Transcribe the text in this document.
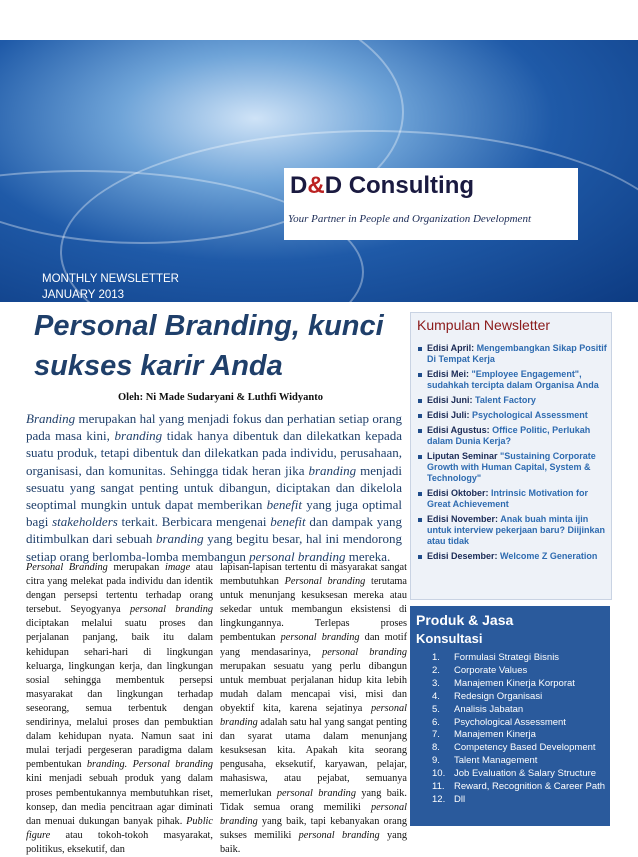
D&D Consulting
Your Partner in People and Organization Development
MONTHLY NEWSLETTER
JANUARY 2013
Personal Branding, kunci
sukses karir Anda
Oleh: Ni Made Sudaryani & Luthfi Widyanto
Branding merupakan hal yang menjadi fokus dan perhatian setiap orang pada masa kini, branding tidak hanya dibentuk dan dilekatkan kepada suatu produk, tetapi dibentuk dan dilekatkan pada individu, perusahaan, organisasi, dan komunitas. Sehingga tidak heran jika branding menjadi sesuatu yang sangat penting untuk dibangun, diciptakan dan dikelola seoptimal mungkin untuk dapat memberikan benefit yang juga optimal bagi stakeholders terkait. Berbicara mengenai benefit dan dampak yang ditimbulkan dari sebuah branding yang begitu besar, hal ini mendorong setiap orang berlomba-lomba membangun personal branding mereka.
Personal Branding merupakan image atau citra yang melekat pada individu dan identik dengan persepsi tertentu terhadap orang tersebut. Seyogyanya personal branding diciptakan melalui suatu proses dan perjalanan panjang, baik itu dalam kehidupan sehari-hari di lingkungan keluarga, lingkungan kerja, dan lingkungan sosial sehingga membentuk persepsi masyarakat dan lingkungan terhadap seseorang, semua terbentuk dengan sendirinya, melalui proses dan pembuktian dalam kehidupan nyata. Namun saat ini mulai terjadi pergeseran paradigma dalam pembentukan branding. Personal branding kini menjadi sebuah produk yang dalam proses pembentukannya membutuhkan riset, konsep, dan media pencitraan agar diminati dan menuai dukungan banyak pihak. Public figure atau tokoh-tokoh masyarakat, politikus, eksekutif, dan
lapisan-lapisan tertentu di masyarakat sangat membutuhkan Personal branding terutama untuk menunjang kesuksesan mereka atau sekedar untuk membangun eksistensi di lingkungannya. Terlepas proses pembentukan personal branding dan motif yang mendasarinya, personal branding merupakan sesuatu yang perlu dibangun untuk membuat perjalanan hidup kita lebih mudah dalam mencapai visi, misi dan obyektif kita, karena sejatinya personal branding adalah satu hal yang sangat penting dan syarat utama dalam menunjang kesuksesan kita. Apakah kita seorang pengusaha, eksekutif, karyawan, pelajar, mahasiswa, atau pejabat, semuanya memerlukan personal branding yang baik. Tidak semua orang memiliki personal branding yang baik, tapi kebanyakan orang sukses memiliki personal branding yang baik.
Kumpulan Newsletter
Edisi April: Mengembangkan Sikap Positif Di Tempat Kerja
Edisi Mei: "Employee Engagement", sudahkah tercipta dalam Organisa Anda
Edisi Juni: Talent Factory
Edisi Juli: Psychological Assessment
Edisi Agustus: Office Politic, Perlukah dalam Dunia Kerja?
Liputan Seminar "Sustaining Corporate Growth with Human Capital, System & Technology"
Edisi Oktober: Intrinsic Motivation for Great Achievement
Edisi November: Anak buah minta ijin untuk interview pekerjaan baru? Diijinkan atau tidak
Edisi Desember: Welcome Z Generation
Produk & Jasa
Konsultasi
1. Formulasi Strategi Bisnis
2. Corporate Values
3. Manajemen Kinerja Korporat
4. Redesign Organisasi
5. Analisis Jabatan
6. Psychological Assessment
7. Manajemen Kinerja
8. Competency Based Development
9. Talent Management
10. Job Evaluation & Salary Structure
11. Reward, Recognition & Career Path
12. Dll
